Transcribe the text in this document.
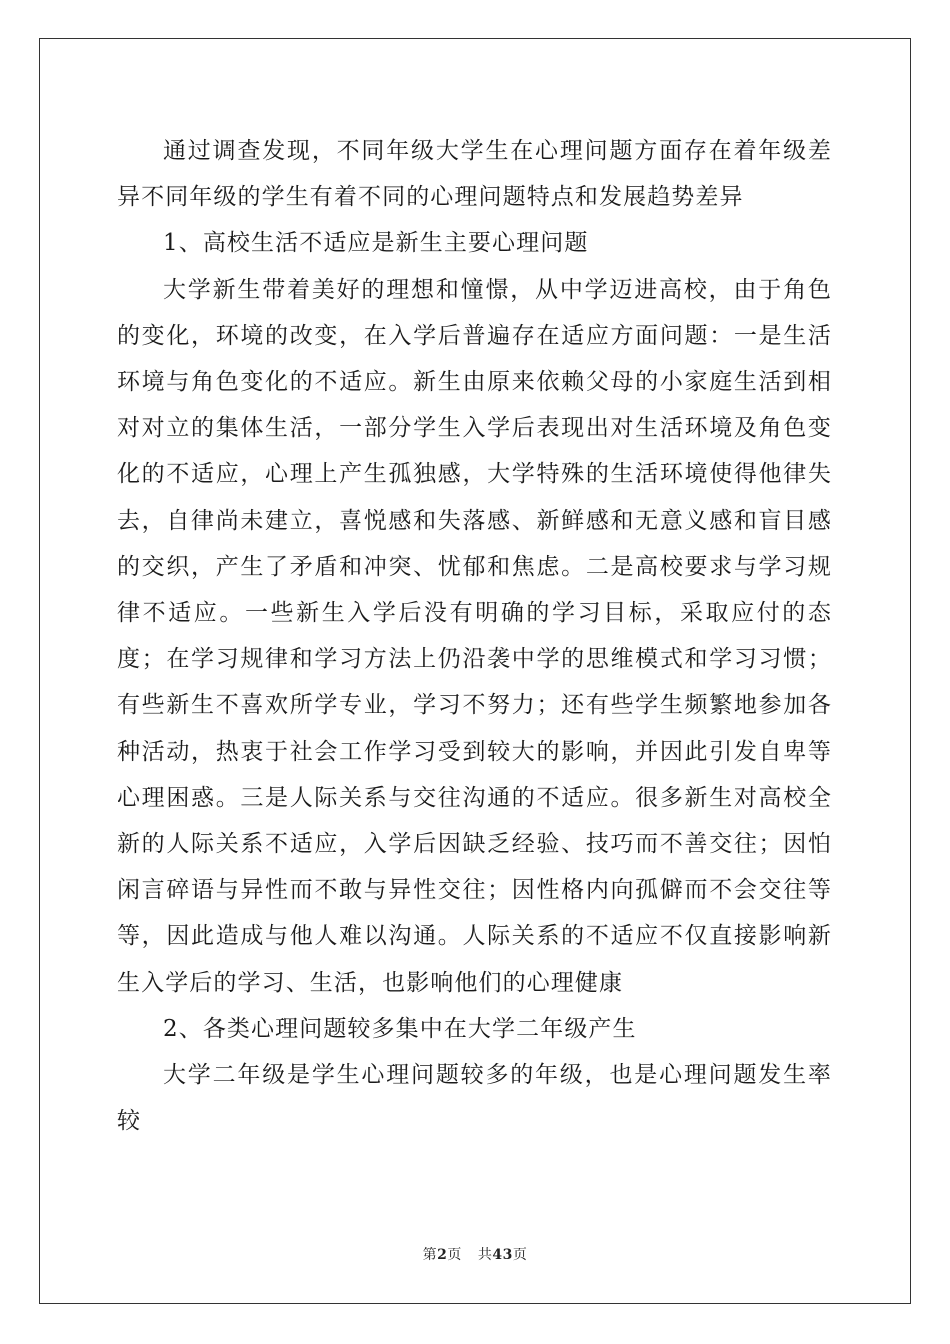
通过调查发现，不同年级大学生在心理问题方面存在着年级差异不同年级的学生有着不同的心理问题特点和发展趋势差异

1、高校生活不适应是新生主要心理问题

大学新生带着美好的理想和憧憬，从中学迈进高校，由于角色的变化，环境的改变，在入学后普遍存在适应方面问题：一是生活环境与角色变化的不适应。新生由原来依赖父母的小家庭生活到相对对立的集体生活，一部分学生入学后表现出对生活环境及角色变化的不适应，心理上产生孤独感，大学特殊的生活环境使得他律失去，自律尚未建立，喜悦感和失落感、新鲜感和无意义感和盲目感的交织，产生了矛盾和冲突、忧郁和焦虑。二是高校要求与学习规律不适应。一些新生入学后没有明确的学习目标，采取应付的态度；在学习规律和学习方法上仍沿袭中学的思维模式和学习习惯；有些新生不喜欢所学专业，学习不努力；还有些学生频繁地参加各种活动，热衷于社会工作学习受到较大的影响，并因此引发自卑等心理困惑。三是人际关系与交往沟通的不适应。很多新生对高校全新的人际关系不适应，入学后因缺乏经验、技巧而不善交往；因怕闲言碎语与异性而不敢与异性交往；因性格内向孤僻而不会交往等等，因此造成与他人难以沟通。人际关系的不适应不仅直接影响新生入学后的学习、生活，也影响他们的心理健康

2、各类心理问题较多集中在大学二年级产生

大学二年级是学生心理问题较多的年级，也是心理问题发生率较

第2页 共43页
